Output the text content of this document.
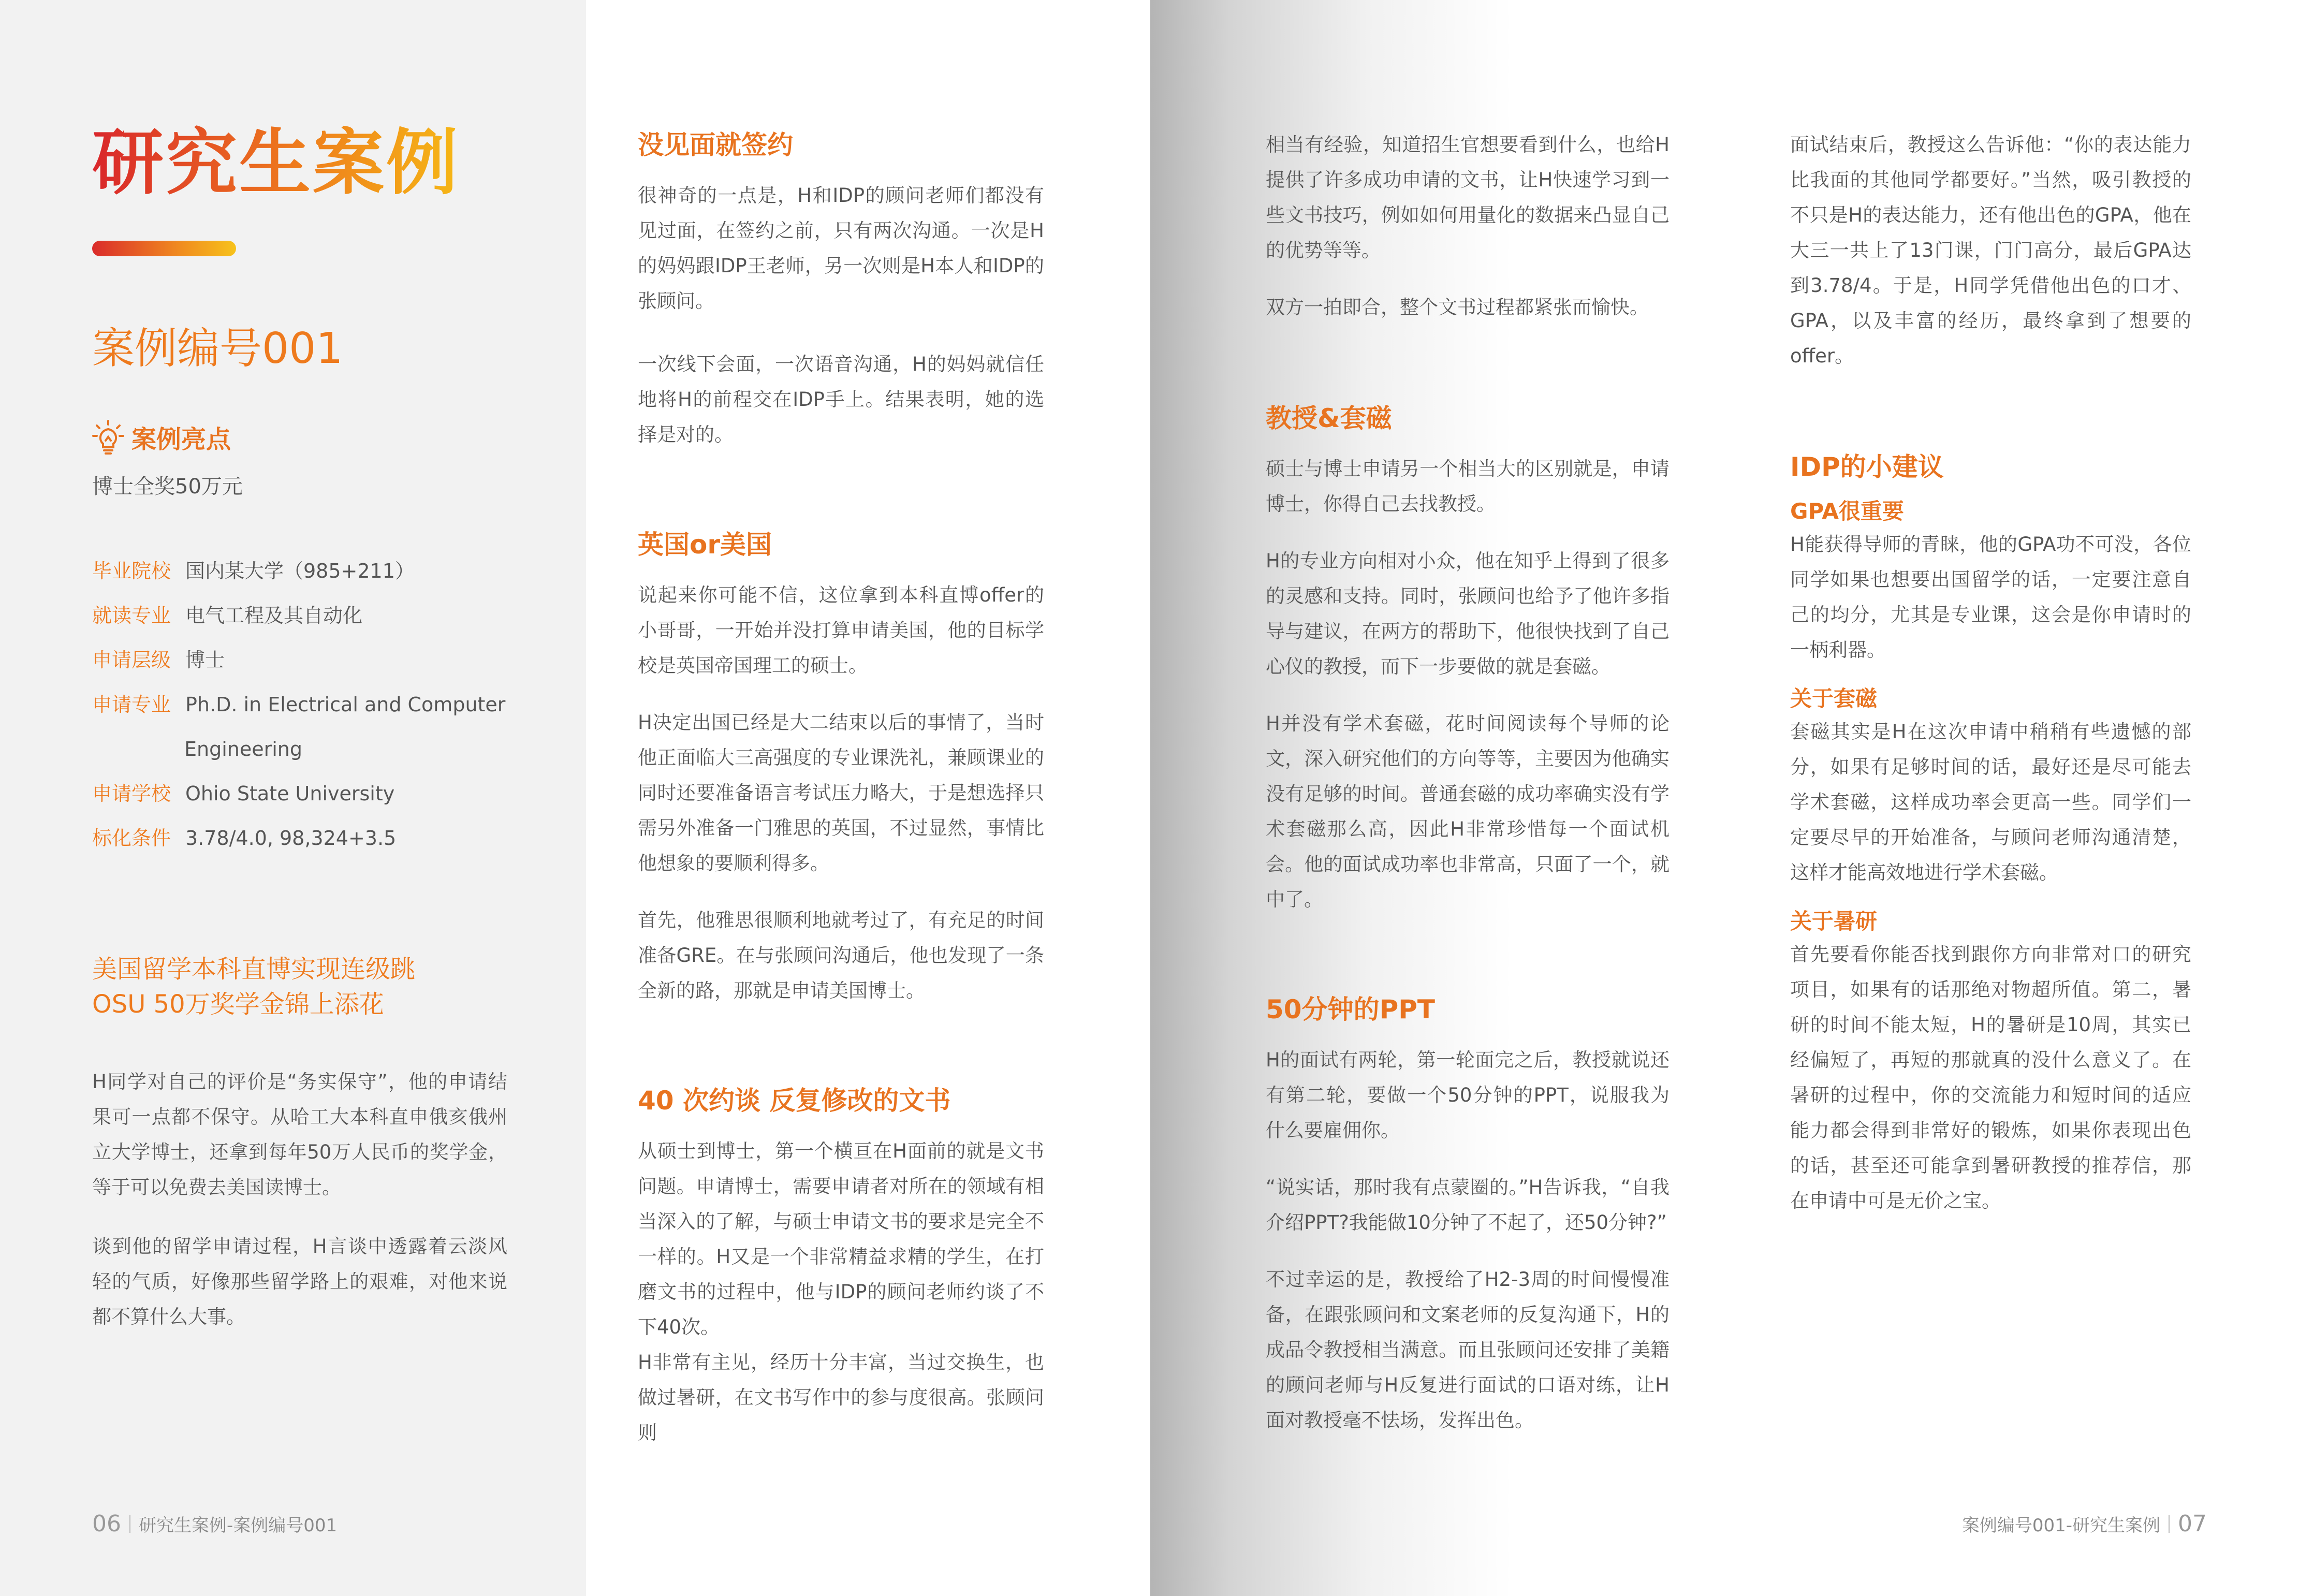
研究生案例
案例编号001
案例亮点
博士全奖50万元
毕业院校 国内某大学（985+211）
就读专业 电气工程及其自动化
申请层级 博士
申请专业 Ph.D. in Electrical and Computer
Engineering
申请学校 Ohio State University
标化条件 3.78/4.0, 98,324+3.5
美国留学本科直博实现连级跳
OSU 50万奖学金锦上添花

H同学对自己的评价是“务实保守”，他的申请结果可一点都不保守。从哈工大本科直申俄亥俄州立大学博士，还拿到每年50万人民币的奖学金，等于可以免费去美国读博士。

谈到他的留学申请过程，H言谈中透露着云淡风轻的气质，好像那些留学路上的艰难，对他来说都不算什么大事。

06 研究生案例-案例编号001
没见面就签约

很神奇的一点是，H和IDP的顾问老师们都没有见过面，在签约之前，只有两次沟通。一次是H的妈妈跟IDP王老师，另一次则是H本人和IDP的张顾问。

一次线下会面，一次语音沟通，H的妈妈就信任地将H的前程交在IDP手上。结果表明，她的选择是对的。

英国or美国

说起来你可能不信，这位拿到本科直博offer的小哥哥，一开始并没打算申请美国，他的目标学校是英国帝国理工的硕士。

H决定出国已经是大二结束以后的事情了，当时他正面临大三高强度的专业课洗礼，兼顾课业的同时还要准备语言考试压力略大，于是想选择只需另外准备一门雅思的英国，不过显然，事情比他想象的要顺利得多。

首先，他雅思很顺利地就考过了，有充足的时间准备GRE。在与张顾问沟通后，他也发现了一条全新的路，那就是申请美国博士。

40 次约谈 反复修改的文书

从硕士到博士，第一个横亘在H面前的就是文书问题。申请博士，需要申请者对所在的领域有相当深入的了解，与硕士申请文书的要求是完全不一样的。H又是一个非常精益求精的学生，在打磨文书的过程中，他与IDP的顾问老师约谈了不下40次。

H非常有主见，经历十分丰富，当过交换生，也做过暑研，在文书写作中的参与度很高。张顾问则

相当有经验，知道招生官想要看到什么，也给H提供了许多成功申请的文书，让H快速学习到一些文书技巧，例如如何用量化的数据来凸显自己的优势等等。

双方一拍即合，整个文书过程都紧张而愉快。

教授&套磁

硕士与博士申请另一个相当大的区别就是，申请博士，你得自己去找教授。

H的专业方向相对小众，他在知乎上得到了很多的灵感和支持。同时，张顾问也给予了他许多指导与建议，在两方的帮助下，他很快找到了自己心仪的教授，而下一步要做的就是套磁。

H并没有学术套磁，花时间阅读每个导师的论文，深入研究他们的方向等等，主要因为他确实没有足够的时间。普通套磁的成功率确实没有学术套磁那么高，因此H非常珍惜每一个面试机会。他的面试成功率也非常高，只面了一个，就中了。

50分钟的PPT

H的面试有两轮，第一轮面完之后，教授就说还有第二轮，要做一个50分钟的PPT，说服我为什么要雇佣你。

“说实话，那时我有点蒙圈的。”H告诉我，“自我介绍PPT?我能做10分钟了不起了，还50分钟?”

不过幸运的是，教授给了H2-3周的时间慢慢准备，在跟张顾问和文案老师的反复沟通下，H的成品令教授相当满意。而且张顾问还安排了美籍的顾问老师与H反复进行面试的口语对练，让H面对教授毫不怯场，发挥出色。

面试结束后，教授这么告诉他：“你的表达能力比我面的其他同学都要好。”当然，吸引教授的不只是H的表达能力，还有他出色的GPA，他在大三一共上了13门课，门门高分，最后GPA达到3.78/4。于是，H同学凭借他出色的口才、GPA，以及丰富的经历，最终拿到了想要的offer。

IDP的小建议
GPA很重要

H能获得导师的青睐，他的GPA功不可没，各位同学如果也想要出国留学的话，一定要注意自己的均分，尤其是专业课，这会是你申请时的一柄利器。

关于套磁

套磁其实是H在这次申请中稍稍有些遗憾的部分，如果有足够时间的话，最好还是尽可能去学术套磁，这样成功率会更高一些。同学们一定要尽早的开始准备，与顾问老师沟通清楚，这样才能高效地进行学术套磁。

关于暑研

首先要看你能否找到跟你方向非常对口的研究项目，如果有的话那绝对物超所值。第二，暑研的时间不能太短，H的暑研是10周，其实已经偏短了，再短的那就真的没什么意义了。在暑研的过程中，你的交流能力和短时间的适应能力都会得到非常好的锻炼，如果你表现出色的话，甚至还可能拿到暑研教授的推荐信，那在申请中可是无价之宝。

案例编号001-研究生案例 07
